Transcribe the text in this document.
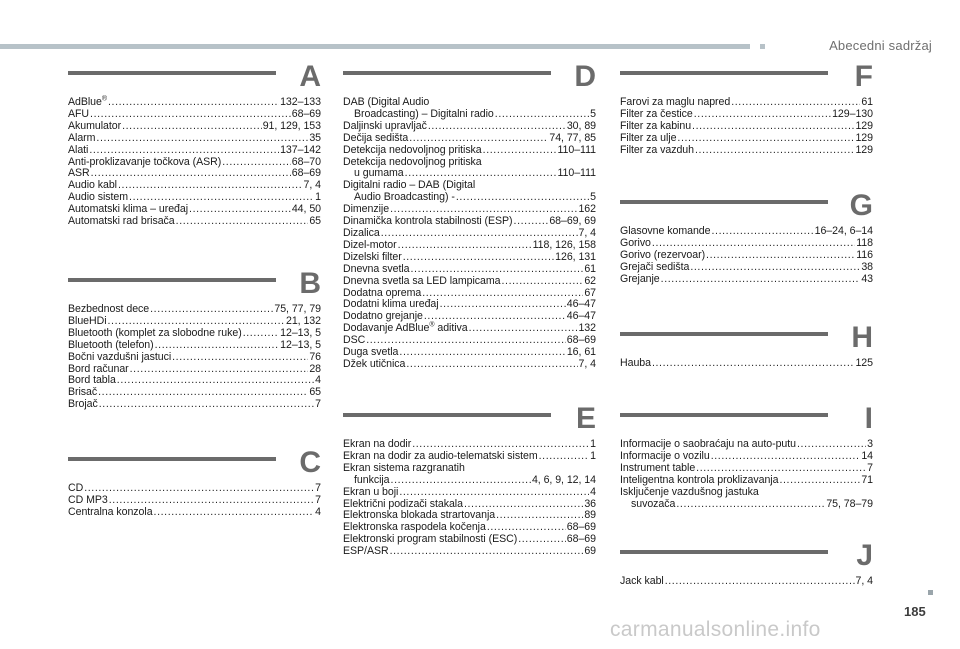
Abecedni sadržaj
A
AdBlue® .....	132–133
AFU .....	68–69
Akumulator .....	91, 129, 153
Alarm .....	35
Alati .....	137–142
Anti-proklizavanje točkova (ASR) .....	68–70
ASR .....	68–69
Audio kabl .....	7, 4
Audio sistem .....	1
Automatski klima – uređaj .....	44, 50
Automatski rad brisača .....	65
B
Bezbednost dece .....	75, 77, 79
BlueHDi .....	21, 132
Bluetooth (komplet za slobodne ruke) .....	12–13, 5
Bluetooth (telefon) .....	12–13, 5
Bočni vazdušni jastuci .....	76
Bord računar .....	28
Bord tabla .....	4
Brisač .....	65
Brojač .....	7
C
CD .....	7
CD MP3 .....	7
Centralna konzola .....	4
D
DAB (Digital Audio
Broadcasting) – Digitalni radio .....	5
Daljinski upravljač .....	30, 89
Dečija sedišta .....	74, 77, 85
Detekcija nedovoljnog pritiska .....	110–111
Detekcija nedovoljnog pritiska
u gumama .....	110–111
Digitalni radio – DAB (Digital
Audio Broadcasting) - .....	5
Dimenzije .....	162
Dinamička kontrola stabilnosti (ESP) .....	68–69, 69
Dizalica .....	7, 4
Dizel-motor .....	118, 126, 158
Dizelski filter .....	126, 131
Dnevna svetla .....	61
Dnevna svetla sa LED lampicama .....	62
Dodatna oprema .....	67
Dodatni klima uređaj .....	46–47
Dodatno grejanje .....	46–47
Dodavanje AdBlue® aditiva .....	132
DSC .....	68–69
Duga svetla .....	16, 61
Džek utičnica .....	7, 4
E
Ekran na dodir .....	1
Ekran na dodir za audio-telematski sistem .....	1
Ekran sistema razgranatih
funkcija .....	4, 6, 9, 12, 14
Ekran u boji .....	4
Električni podizači stakala .....	36
Elektronska blokada strartovanja .....	89
Elektronska raspodela kočenja .....	68–69
Elektronski program stabilnosti (ESC) .....	68–69
ESP/ASR .....	69
F
Farovi za maglu napred .....	61
Filter za čestice .....	129–130
Filter za kabinu .....	129
Filter za ulje .....	129
Filter za vazduh .....	129
G
Glasovne komande .....	16–24, 6–14
Gorivo .....	118
Gorivo (rezervoar) .....	116
Grejači sedišta .....	38
Grejanje .....	43
H
Hauba .....	125
I
Informacije o saobraćaju na auto-putu .....	3
Informacije o vozilu .....	14
Instrument table .....	7
Inteligentna kontrola proklizavanja .....	71
Isključenje vazdušnog jastuka
suvozača .....	75, 78–79
J
Jack kabl .....	7, 4
185
carmanualsonline.info
